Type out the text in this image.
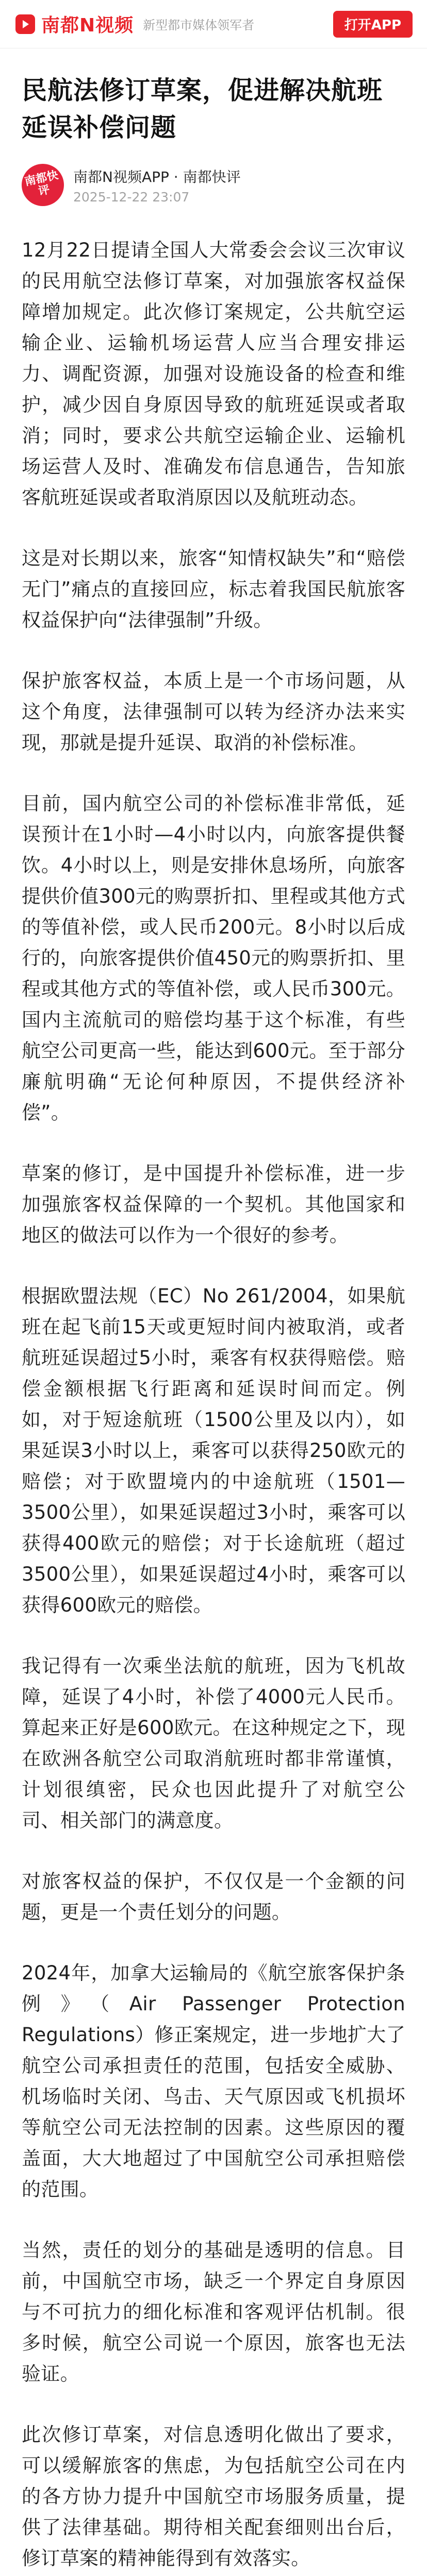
南都N视频 新型都市媒体领军者	打开APP
民航法修订草案，促进解决航班延误补偿问题
南都快评
南都N视频APP · 南都快评
2025-12-22 23:07

12月22日提请全国人大常委会会议三次审议的民用航空法修订草案，对加强旅客权益保障增加规定。此次修订案规定，公共航空运输企业、运输机场运营人应当合理安排运力、调配资源，加强对设施设备的检查和维护，减少因自身原因导致的航班延误或者取消；同时，要求公共航空运输企业、运输机场运营人及时、准确发布信息通告，告知旅客航班延误或者取消原因以及航班动态。

这是对长期以来，旅客“知情权缺失”和“赔偿无门”痛点的直接回应，标志着我国民航旅客权益保护向“法律强制”升级。

保护旅客权益，本质上是一个市场问题，从这个角度，法律强制可以转为经济办法来实现，那就是提升延误、取消的补偿标准。

目前，国内航空公司的补偿标准非常低，延误预计在1小时—4小时以内，向旅客提供餐饮。4小时以上，则是安排休息场所，向旅客提供价值300元的购票折扣、里程或其他方式的等值补偿，或人民币200元。8小时以后成行的，向旅客提供价值450元的购票折扣、里程或其他方式的等值补偿，或人民币300元。国内主流航司的赔偿均基于这个标准，有些航空公司更高一些，能达到600元。至于部分廉航明确“无论何种原因，不提供经济补偿”。

草案的修订，是中国提升补偿标准，进一步加强旅客权益保障的一个契机。其他国家和地区的做法可以作为一个很好的参考。

根据欧盟法规（EC）No 261/2004，如果航班在起飞前15天或更短时间内被取消，或者航班延误超过5小时，乘客有权获得赔偿。赔偿金额根据飞行距离和延误时间而定。例如，对于短途航班（1500公里及以内），如果延误3小时以上，乘客可以获得250欧元的赔偿；对于欧盟境内的中途航班（1501—3500公里），如果延误超过3小时，乘客可以获得400欧元的赔偿；对于长途航班（超过3500公里），如果延误超过4小时，乘客可以获得600欧元的赔偿。

我记得有一次乘坐法航的航班，因为飞机故障，延误了4小时，补偿了4000元人民币。算起来正好是600欧元。在这种规定之下，现在欧洲各航空公司取消航班时都非常谨慎，计划很缜密，民众也因此提升了对航空公司、相关部门的满意度。

对旅客权益的保护，不仅仅是一个金额的问题，更是一个责任划分的问题。

2024年，加拿大运输局的《航空旅客保护条例》（Air Passenger Protection Regulations）修正案规定，进一步地扩大了航空公司承担责任的范围，包括安全威胁、机场临时关闭、鸟击、天气原因或飞机损坏等航空公司无法控制的因素。这些原因的覆盖面，大大地超过了中国航空公司承担赔偿的范围。

当然，责任的划分的基础是透明的信息。目前，中国航空市场，缺乏一个界定自身原因与不可抗力的细化标准和客观评估机制。很多时候，航空公司说一个原因，旅客也无法验证。

此次修订草案，对信息透明化做出了要求，可以缓解旅客的焦虑，为包括航空公司在内的各方协力提升中国航空市场服务质量，提供了法律基础。期待相关配套细则出台后，修订草案的精神能得到有效落实。
